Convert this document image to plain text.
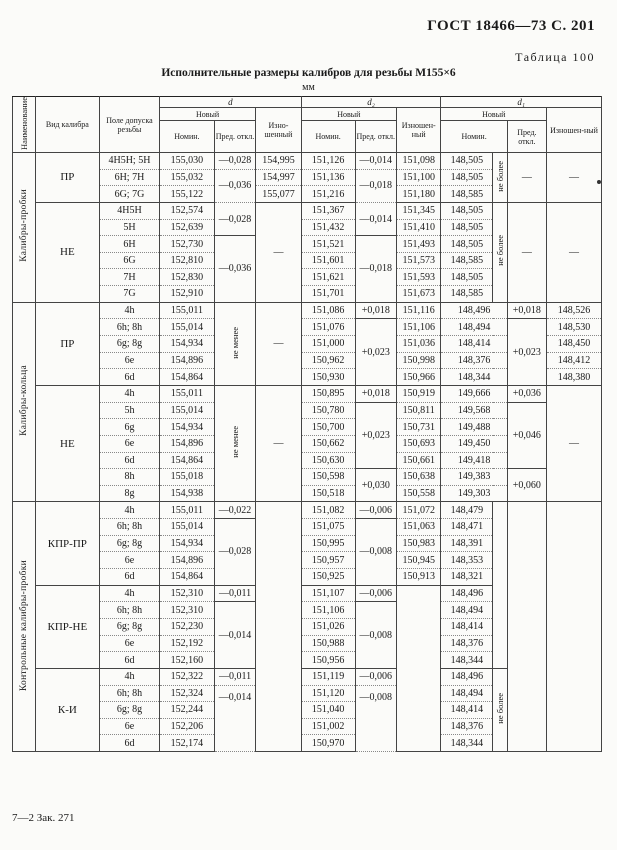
ГОСТ 18466—73 С. 201
Таблица 100
Исполнительные размеры калибров для резьбы М155×6
мм
Наименование	Вид калибра	Поле допуска резьбы	d			d₂			d₁			
			Новый		Изно-шенный	Новый		Изношен-ный	Новый			Изношен-ный
			Номин.	Пред. откл.		Номин.	Пред. откл.		Номин.		Пред. откл.	
Калибры-пробки	ПР	4H5H; 5H	155,030	—0,028	154,995	151,126	—0,014	151,098	148,505	не более	—	—
		6H; 7H	155,032	—0,036	154,997	151,136	—0,018	151,100	148,505			
		6G; 7G	155,122		155,077	151,216		151,180	148,585			
	НЕ	4H5H	152,574	—0,028	—	151,367	—0,014	151,345	148,505	не более	—	—
		5H	152,639			151,432		151,410	148,505			
		6H	152,730	—0,036		151,521	—0,018	151,493	148,505			
		6G	152,810			151,601		151,573	148,585			
		7H	152,830			151,621		151,593	148,505			
		7G	152,910			151,701		151,673	148,585			
Калибры-кольца	ПР	4h	155,011	не менее	—	151,086	+0,018	151,116	148,496		+0,018	148,526
		6h; 8h	155,014			151,076	+0,023	151,106	148,494		+0,023	148,530
		6g; 8g	154,934			151,000		151,036	148,414			148,450
		6e	154,896			150,962		150,998	148,376			148,412
		6d	154,864			150,930		150,966	148,344			148,380
	НЕ	4h	155,011	не менее	—	150,895	+0,018	150,919	149,666		+0,036	—
		5h	155,014			150,780	+0,023	150,811	149,568		+0,046	
		6g	154,934			150,700		150,731	149,488			
		6e	154,896			150,662		150,693	149,450			
		6d	154,864			150,630		150,661	149,418			
		8h	155,018			150,598	+0,030	150,638	149,383		+0,060	
		8g	154,938			150,518		150,558	149,303			
Контрольные калибры-пробки	КПР-ПР	4h	155,011	—0,022		151,082	—0,006	151,072	148,479			
		6h; 8h	155,014	—0,028		151,075	—0,008	151,063	148,471			
		6g; 8g	154,934			150,995		150,983	148,391			
		6e	154,896			150,957		150,945	148,353			
		6d	154,864			150,925		150,913	148,321			
	КПР-НЕ	4h	152,310	—0,011		151,107	—0,006		148,496			
		6h; 8h	152,310	—0,014		151,106	—0,008		148,494			
		6g; 8g	152,230			151,026			148,414			
		6e	152,192			150,988			148,376			
		6d	152,160			150,956			148,344			
	К-И	4h	152,322	—0,011		151,119	—0,006		148,496	не более		
		6h; 8h	152,324	—0,014		151,120	—0,008		148,494			
		6g; 8g	152,244			151,040			148,414			
		6e	152,206			151,002			148,376			
		6d	152,174			150,970			148,344			
7—2 Зак. 271
